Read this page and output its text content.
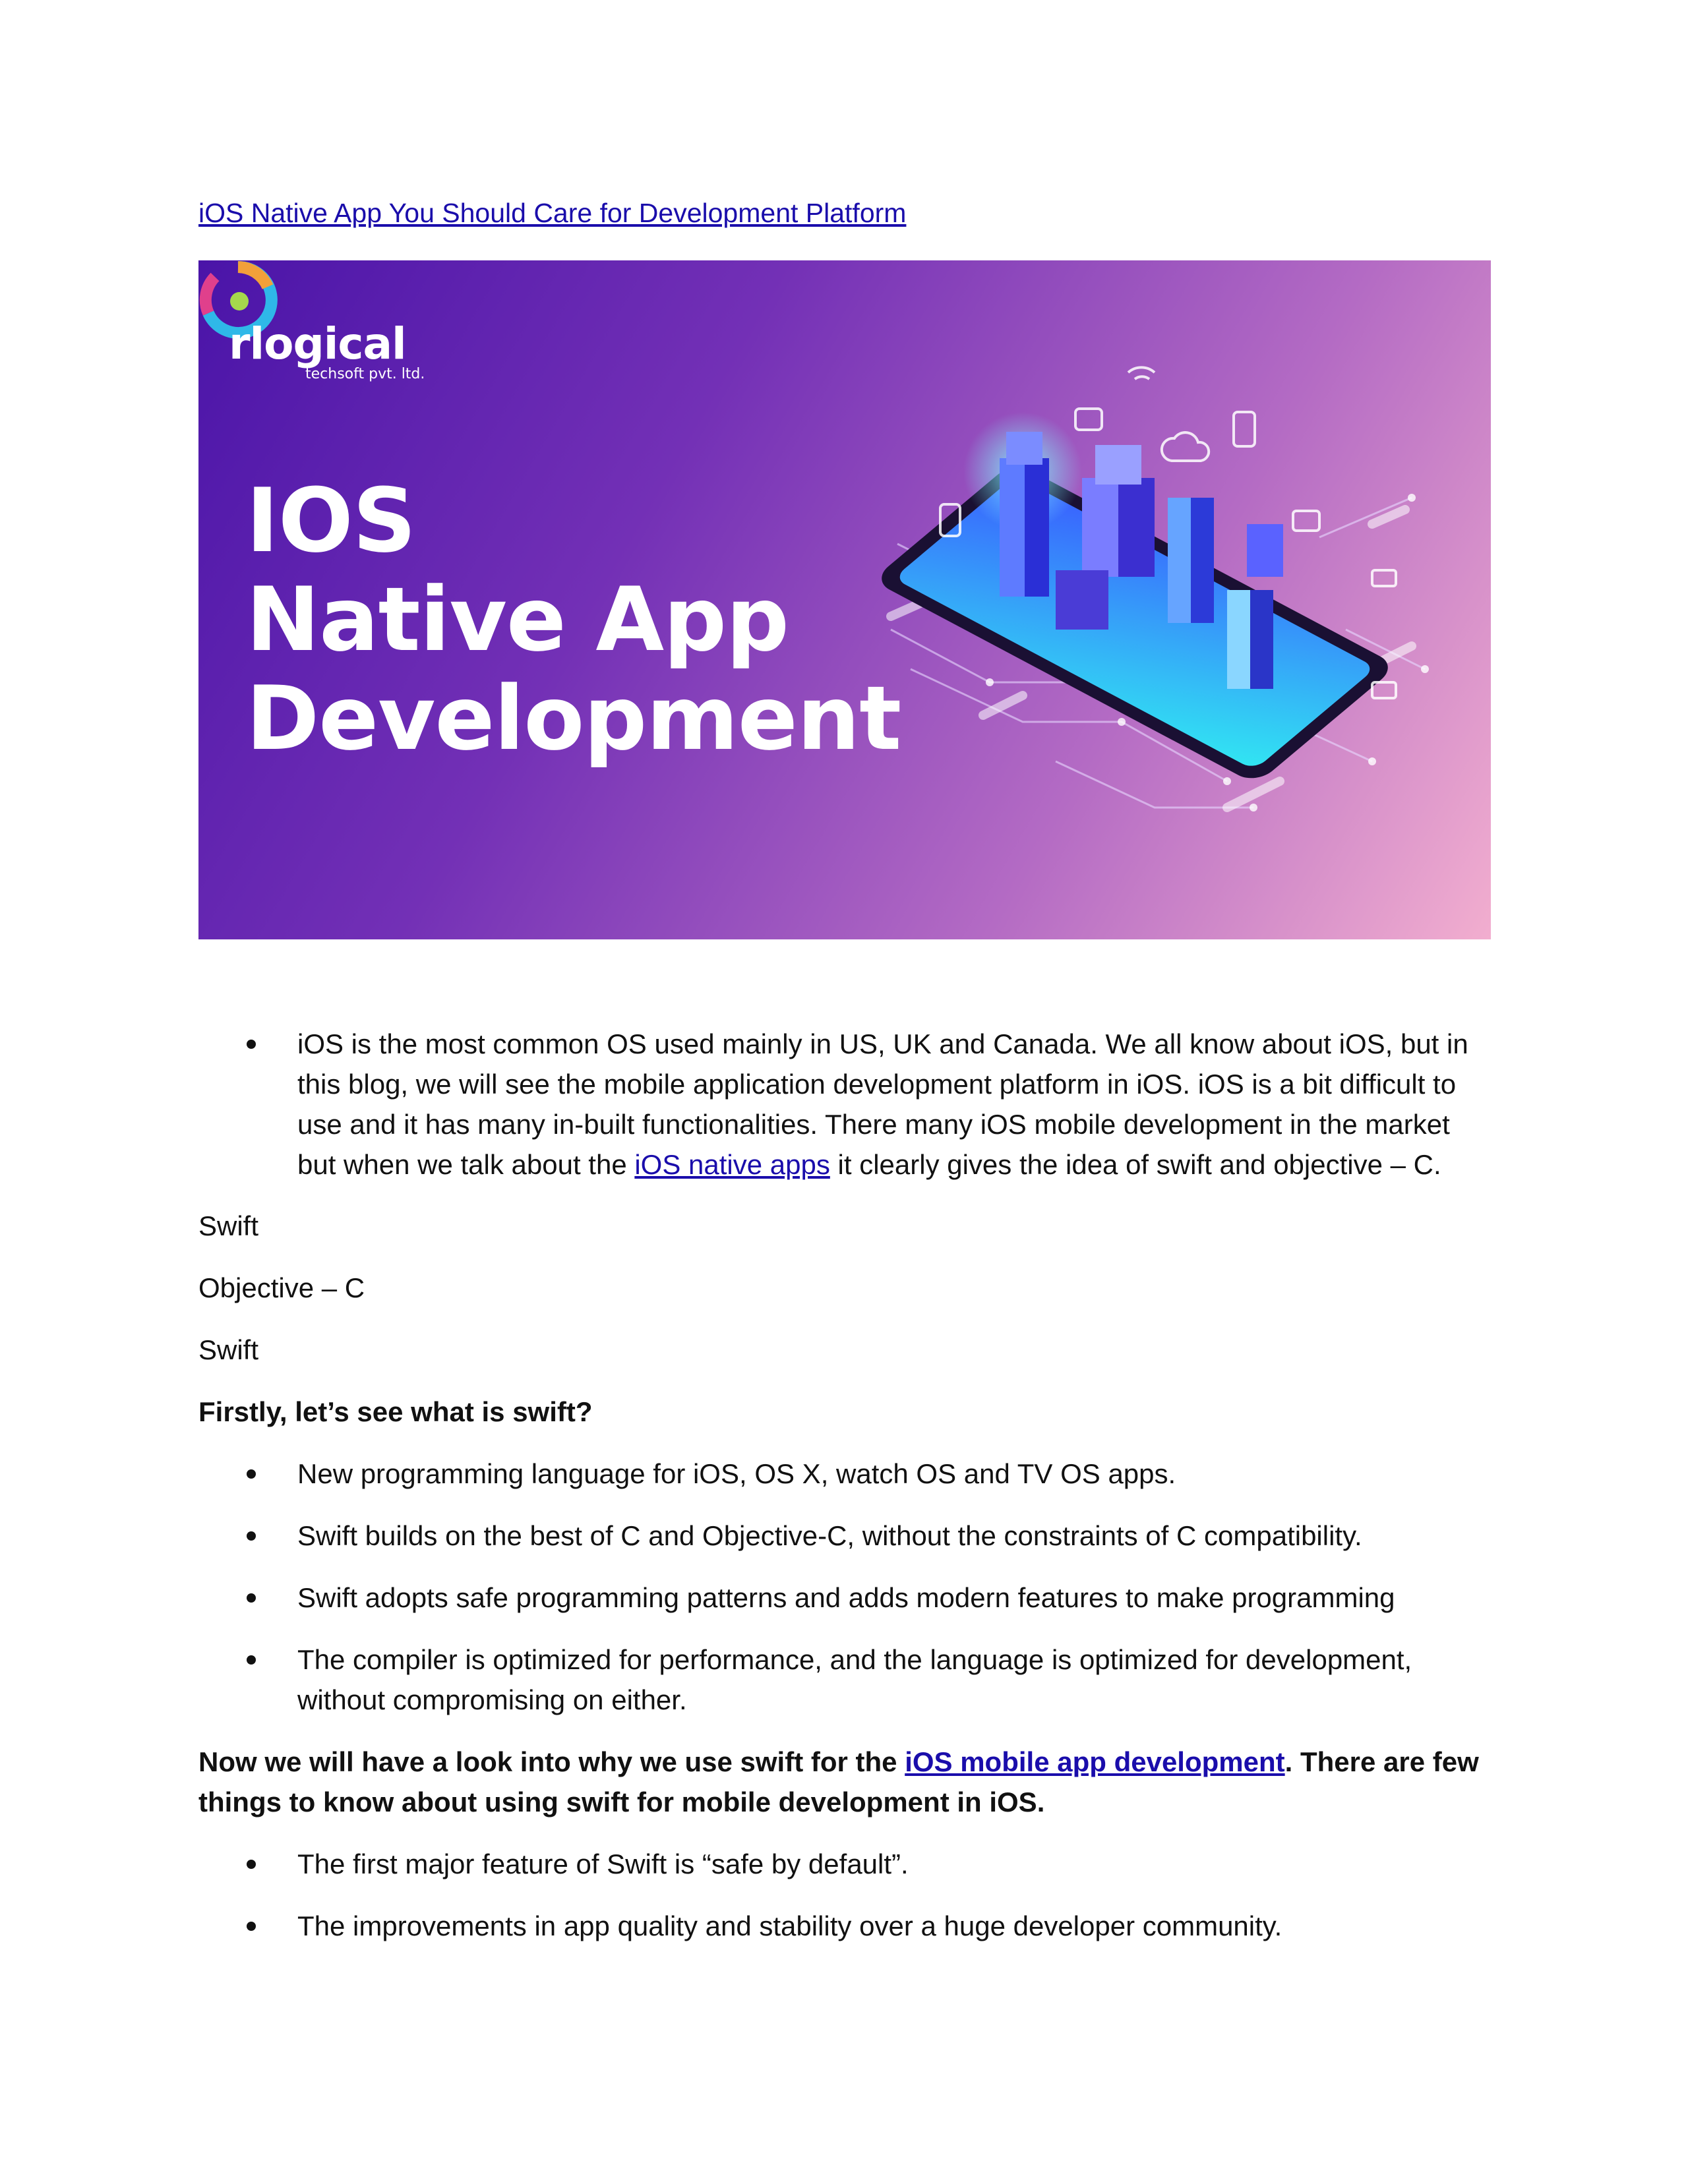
iOS Native App You Should Care for Development Platform
rlogical
techsoft pvt. ltd.
IOS
Native App
Development
iOS is the most common OS used mainly in US, UK and Canada. We all know about iOS, but in this blog, we will see the mobile application development platform in iOS. iOS is a bit difficult to use and it has many in-built functionalities. There many iOS mobile development in the market but when we talk about the iOS native apps it clearly gives the idea of swift and objective – C.
Swift
Objective – C
Swift
Firstly, let’s see what is swift?
New programming language for iOS, OS X, watch OS and TV OS apps.
Swift builds on the best of C and Objective-C, without the constraints of C compatibility.
Swift adopts safe programming patterns and adds modern features to make programming
The compiler is optimized for performance, and the language is optimized for development, without compromising on either.
Now we will have a look into why we use swift for the iOS mobile app development. There are few things to know about using swift for mobile development in iOS.
The first major feature of Swift is “safe by default”.
The improvements in app quality and stability over a huge developer community.
